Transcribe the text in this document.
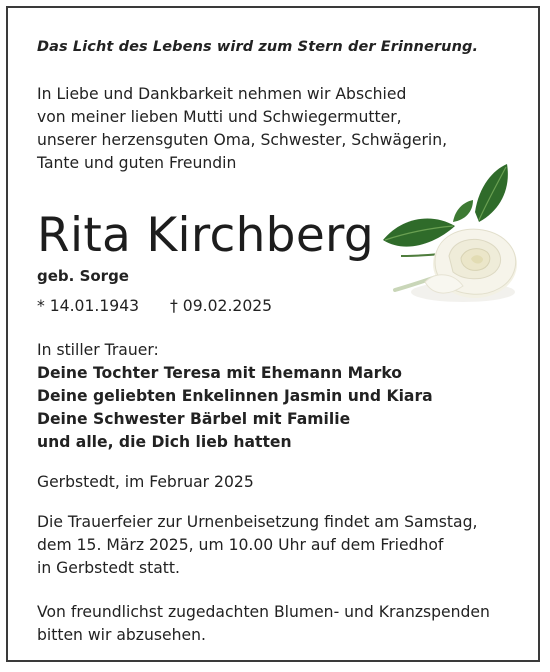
Das Licht des Lebens wird zum Stern der Erinnerung.

In Liebe und Dankbarkeit nehmen wir Abschied
von meiner lieben Mutti und Schwiegermutter,
unserer herzensguten Oma, Schwester, Schwägerin,
Tante und guten Freundin
Rita Kirchberg
geb. Sorge
* 14.01.1943 † 09.02.2025
In stiller Trauer:
Deine Tochter Teresa mit Ehemann Marko
Deine geliebten Enkelinnen Jasmin und Kiara
Deine Schwester Bärbel mit Familie
und alle, die Dich lieb hatten
Gerbstedt, im Februar 2025
Die Trauerfeier zur Urnenbeisetzung findet am Samstag,
dem 15. März 2025, um 10.00 Uhr auf dem Friedhof
in Gerbstedt statt.
Von freundlichst zugedachten Blumen- und Kranzspenden
bitten wir abzusehen.
